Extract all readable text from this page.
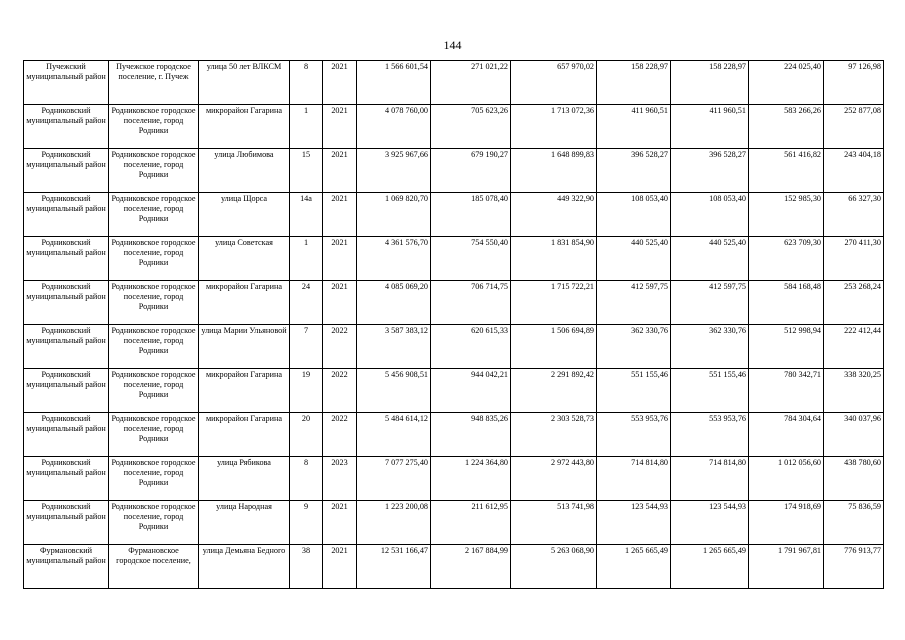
144
Пучежский муниципальный район	Пучежское городское поселение, г. Пучеж	улица 50 лет ВЛКСМ	8	2021	1 566 601,54	271 021,22	657 970,02	158 228,97	158 228,97	224 025,40	97 126,98
Родниковский муниципальный район	Родниковское городское поселение, город Родники	микрорайон Гагарина	1	2021	4 078 760,00	705 623,26	1 713 072,36	411 960,51	411 960,51	583 266,26	252 877,08
Родниковский муниципальный район	Родниковское городское поселение, город Родники	улица Любимова	15	2021	3 925 967,66	679 190,27	1 648 899,83	396 528,27	396 528,27	561 416,82	243 404,18
Родниковский муниципальный район	Родниковское городское поселение, город Родники	улица Щорса	14а	2021	1 069 820,70	185 078,40	449 322,90	108 053,40	108 053,40	152 985,30	66 327,30
Родниковский муниципальный район	Родниковское городское поселение, город Родники	улица Советская	1	2021	4 361 576,70	754 550,40	1 831 854,90	440 525,40	440 525,40	623 709,30	270 411,30
Родниковский муниципальный район	Родниковское городское поселение, город Родники	микрорайон Гагарина	24	2021	4 085 069,20	706 714,75	1 715 722,21	412 597,75	412 597,75	584 168,48	253 268,24
Родниковский муниципальный район	Родниковское городское поселение, город Родники	улица Марии Ульяновой	7	2022	3 587 383,12	620 615,33	1 506 694,89	362 330,76	362 330,76	512 998,94	222 412,44
Родниковский муниципальный район	Родниковское городское поселение, город Родники	микрорайон Гагарина	19	2022	5 456 908,51	944 042,21	2 291 892,42	551 155,46	551 155,46	780 342,71	338 320,25
Родниковский муниципальный район	Родниковское городское поселение, город Родники	микрорайон Гагарина	20	2022	5 484 614,12	948 835,26	2 303 528,73	553 953,76	553 953,76	784 304,64	340 037,96
Родниковский муниципальный район	Родниковское городское поселение, город Родники	улица Рябикова	8	2023	7 077 275,40	1 224 364,80	2 972 443,80	714 814,80	714 814,80	1 012 056,60	438 780,60
Родниковский муниципальный район	Родниковское городское поселение, город Родники	улица Народная	9	2021	1 223 200,08	211 612,95	513 741,98	123 544,93	123 544,93	174 918,69	75 836,59
Фурмановский муниципальный район	Фурмановское городское поселение,	улица Демьяна Бедного	38	2021	12 531 166,47	2 167 884,99	5 263 068,90	1 265 665,49	1 265 665,49	1 791 967,81	776 913,77
